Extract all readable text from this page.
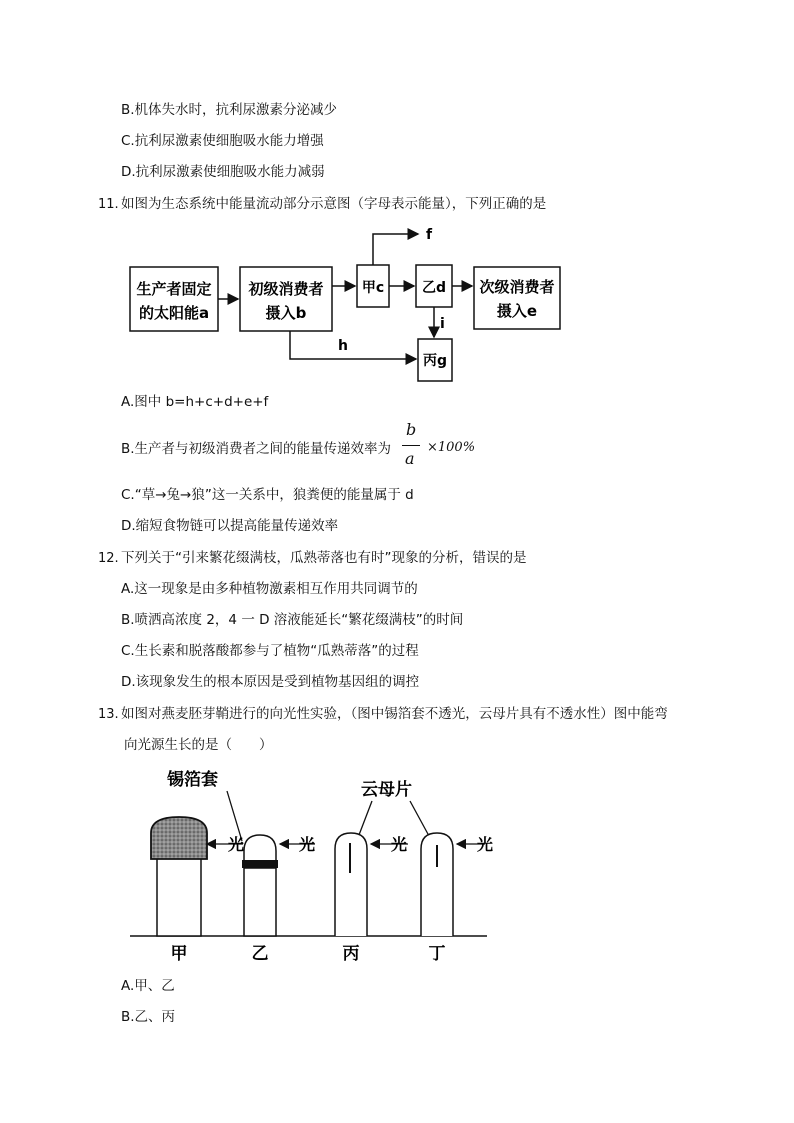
B.机体失水时，抗利尿激素分泌减少
C.抗利尿激素使细胞吸水能力增强
D.抗利尿激素使细胞吸水能力减弱
11. 如图为生态系统中能量流动部分示意图（字母表示能量），下列正确的是
生产者固定
的太阳能a
初级消费者
摄入b
甲c
f
乙d 次级消费者
摄入e
i
丙g
h
A.图中 b=h+c+d+e+f
B.生产者与初级消费者之间的能量传递效率为
b
a
×100%
C.“草→兔→狼”这一关系中，狼粪便的能量属于 d
D.缩短食物链可以提高能量传递效率
12. 下列关于“引来繁花缀满枝，瓜熟蒂落也有时”现象的分析，错误的是
A.这一现象是由多种植物激素相互作用共同调节的
B.喷洒高浓度 2，4 一 D 溶液能延长“繁花缀满枝”的时间
C.生长素和脱落酸都参与了植物“瓜熟蒂落”的过程
D.该现象发生的根本原因是受到植物基因组的调控
13. 如图对燕麦胚芽鞘进行的向光性实验，（图中锡箔套不透光，云母片具有不透水性）图中能弯
向光源生长的是（　　）
锡箔套	云母片
光	光	光	光
甲	乙	丙	丁
A.甲、乙
B.乙、丙
